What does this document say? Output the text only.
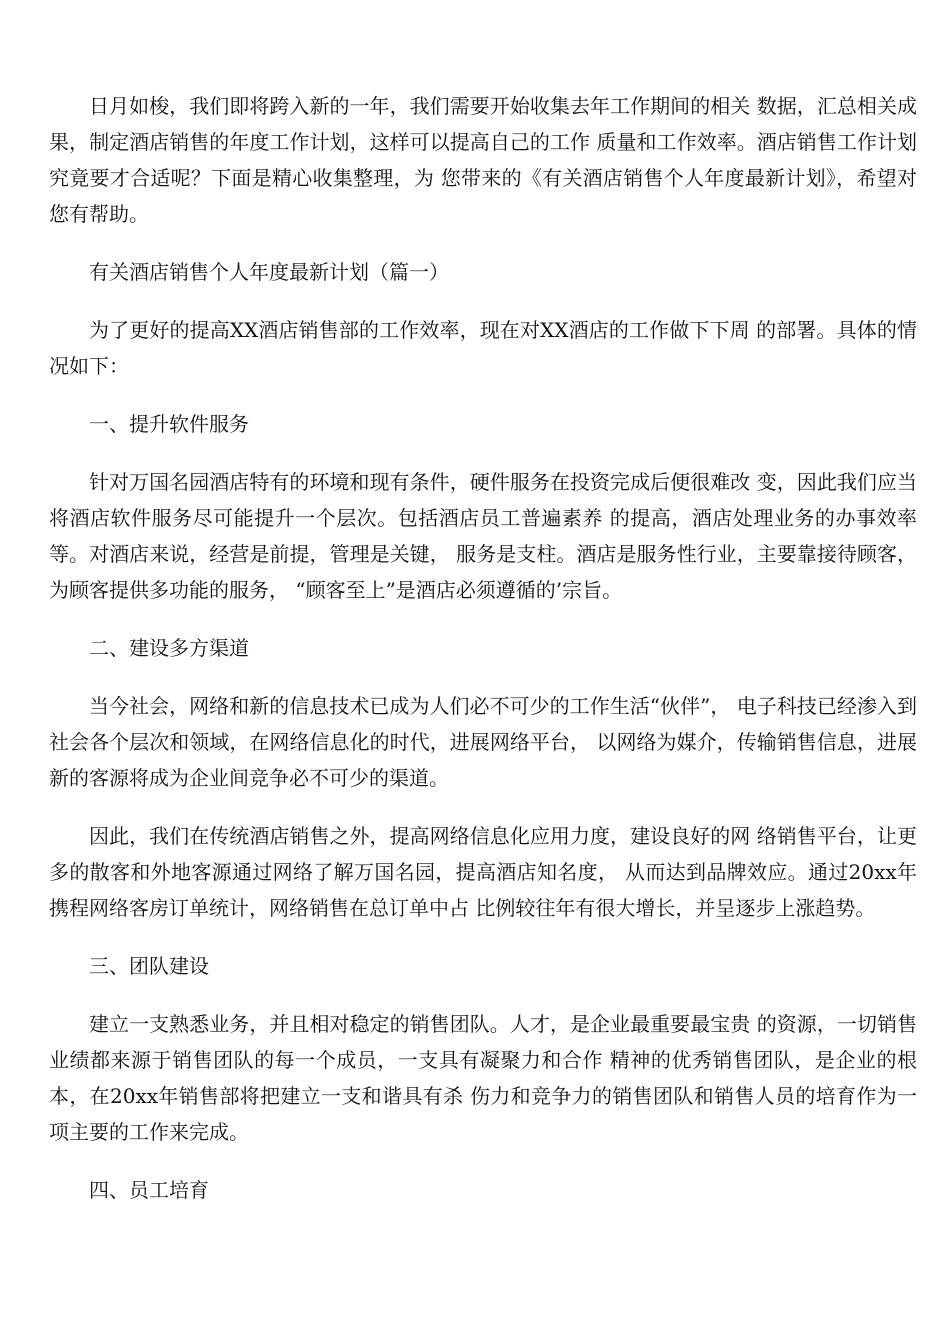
日月如梭，我们即将跨入新的一年，我们需要开始收集去年工作期间的相关 数据，汇总相关成果，制定酒店销售的年度工作计划，这样可以提高自己的工作 质量和工作效率。酒店销售工作计划究竟要才合适呢？下面是精心收集整理，为 您带来的《有关酒店销售个人年度最新计划》，希望对您有帮助。

有关酒店销售个人年度最新计划（篇一）

为了更好的提高XX酒店销售部的工作效率，现在对XX酒店的工作做下下周 的部署。具体的情况如下：

一、提升软件服务

针对万国名园酒店特有的环境和现有条件，硬件服务在投资完成后便很难改 变，因此我们应当将酒店软件服务尽可能提升一个层次。包括酒店员工普遍素养 的提高，酒店处理业务的办事效率等。对酒店来说，经营是前提，管理是关键， 服务是支柱。酒店是服务性行业，主要靠接待顾客，为顾客提供多功能的服务， “顾客至上”是酒店必须遵循的’宗旨。

二、建设多方渠道

当今社会，网络和新的信息技术已成为人们必不可少的工作生活“伙伴”， 电子科技已经渗入到社会各个层次和领域，在网络信息化的时代，进展网络平台， 以网络为媒介，传输销售信息，进展新的客源将成为企业间竞争必不可少的渠道。

因此，我们在传统酒店销售之外，提高网络信息化应用力度，建设良好的网 络销售平台，让更多的散客和外地客源通过网络了解万国名园，提高酒店知名度， 从而达到品牌效应。通过20xx年携程网络客房订单统计，网络销售在总订单中占 比例较往年有很大增长，并呈逐步上涨趋势。

三、团队建设

建立一支熟悉业务，并且相对稳定的销售团队。人才，是企业最重要最宝贵 的资源，一切销售业绩都来源于销售团队的每一个成员，一支具有凝聚力和合作 精神的优秀销售团队，是企业的根本，在20xx年销售部将把建立一支和谐具有杀 伤力和竞争力的销售团队和销售人员的培育作为一项主要的工作来完成。

四、员工培育
